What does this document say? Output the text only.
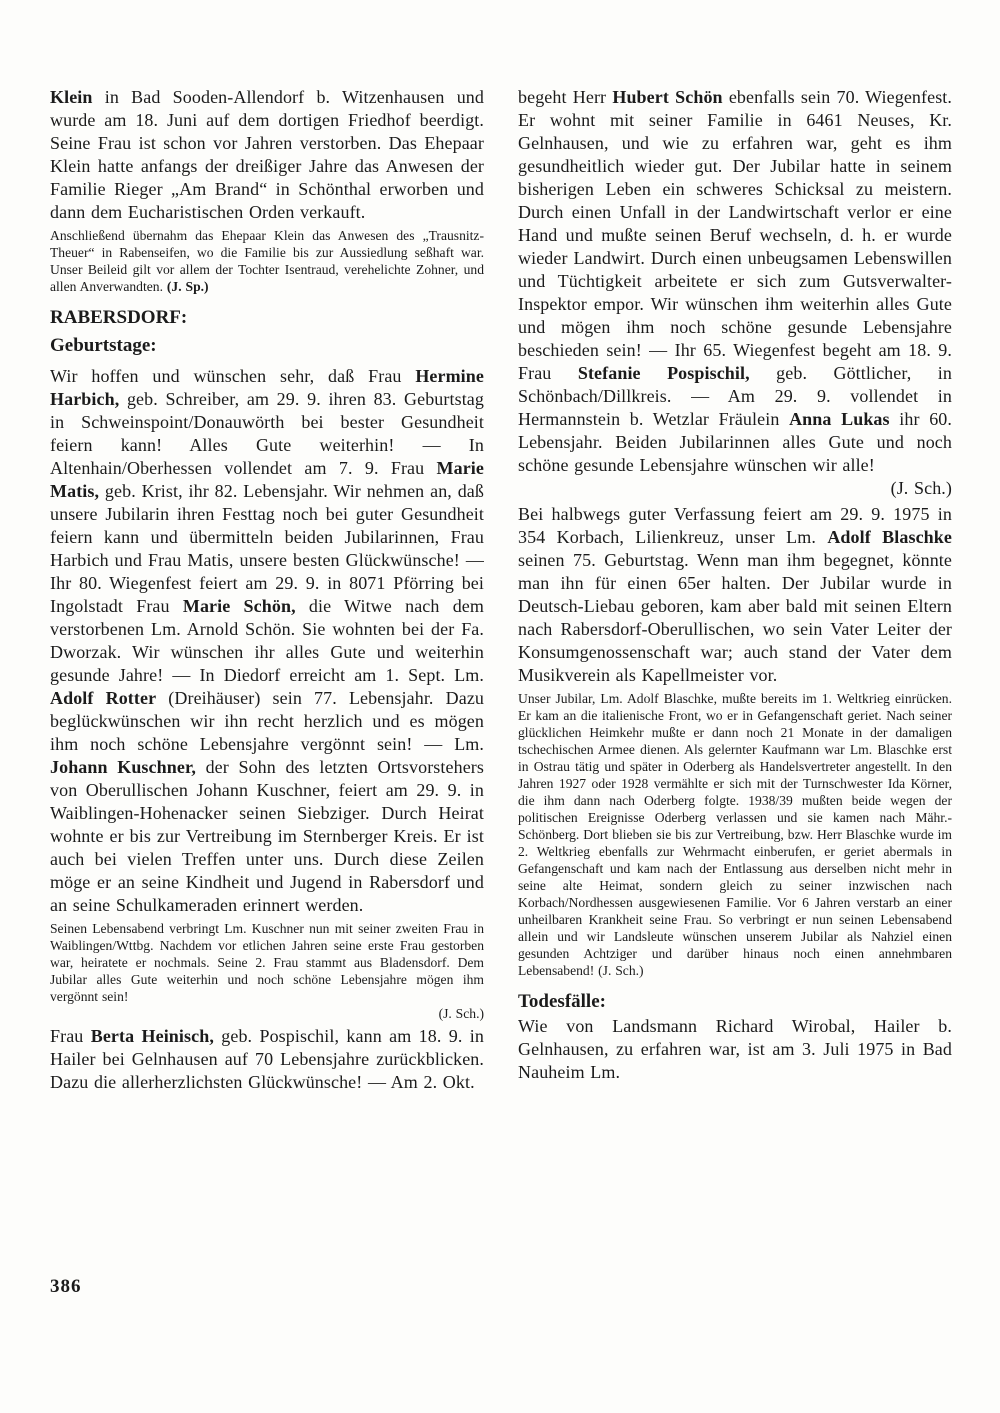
Klein in Bad Sooden-Allendorf b. Witzenhausen und wurde am 18. Juni auf dem dortigen Friedhof beerdigt. Seine Frau ist schon vor Jahren verstorben. Das Ehepaar Klein hatte anfangs der dreißiger Jahre das Anwesen der Familie Rieger „Am Brand“ in Schönthal erworben und dann dem Eucharistischen Orden verkauft.

Anschließend übernahm das Ehepaar Klein das Anwesen des „Trausnitz-Theuer“ in Rabenseifen, wo die Familie bis zur Aussiedlung seßhaft war. Unser Beileid gilt vor allem der Tochter Isentraud, verehelichte Zohner, und allen Anverwandten. (J. Sp.)

RABERSDORF:
Geburtstage:

Wir hoffen und wünschen sehr, daß Frau Hermine Harbich, geb. Schreiber, am 29. 9. ihren 83. Geburtstag in Schweinspoint/Donauwörth bei bester Gesundheit feiern kann! Alles Gute weiterhin! — In Altenhain/Oberhessen vollendet am 7. 9. Frau Marie Matis, geb. Krist, ihr 82. Lebensjahr. Wir nehmen an, daß unsere Jubilarin ihren Festtag noch bei guter Gesundheit feiern kann und übermitteln beiden Jubilarinnen, Frau Harbich und Frau Matis, unsere besten Glückwünsche! — Ihr 80. Wiegenfest feiert am 29. 9. in 8071 Pförring bei Ingolstadt Frau Marie Schön, die Witwe nach dem verstorbenen Lm. Arnold Schön. Sie wohnten bei der Fa. Dworzak. Wir wünschen ihr alles Gute und weiterhin gesunde Jahre! — In Diedorf erreicht am 1. Sept. Lm. Adolf Rotter (Dreihäuser) sein 77. Lebensjahr. Dazu beglückwünschen wir ihn recht herzlich und es mögen ihm noch schöne Lebensjahre vergönnt sein! — Lm. Johann Kuschner, der Sohn des letzten Ortsvorstehers von Oberullischen Johann Kuschner, feiert am 29. 9. in Waiblingen-Hohenacker seinen Siebziger. Durch Heirat wohnte er bis zur Vertreibung im Sternberger Kreis. Er ist auch bei vielen Treffen unter uns. Durch diese Zeilen möge er an seine Kindheit und Jugend in Rabersdorf und an seine Schulkameraden erinnert werden.

Seinen Lebensabend verbringt Lm. Kuschner nun mit seiner zweiten Frau in Waiblingen/Wttbg. Nachdem vor etlichen Jahren seine erste Frau gestorben war, heiratete er nochmals. Seine 2. Frau stammt aus Bladensdorf. Dem Jubilar alles Gute weiterhin und noch schöne Lebensjahre mögen ihm vergönnt sein!
(J. Sch.)

Frau Berta Heinisch, geb. Pospischil, kann am 18. 9. in Hailer bei Gelnhausen auf 70 Lebensjahre zurückblicken. Dazu die allerherzlichsten Glückwünsche! — Am 2. Okt.

begeht Herr Hubert Schön ebenfalls sein 70. Wiegenfest. Er wohnt mit seiner Familie in 6461 Neuses, Kr. Gelnhausen, und wie zu erfahren war, geht es ihm gesundheitlich wieder gut. Der Jubilar hatte in seinem bisherigen Leben ein schweres Schicksal zu meistern. Durch einen Unfall in der Landwirtschaft verlor er eine Hand und mußte seinen Beruf wechseln, d. h. er wurde wieder Landwirt. Durch einen unbeugsamen Lebenswillen und Tüchtigkeit arbeitete er sich zum Gutsverwalter-Inspektor empor. Wir wünschen ihm weiterhin alles Gute und mögen ihm noch schöne gesunde Lebensjahre beschieden sein! — Ihr 65. Wiegenfest begeht am 18. 9. Frau Stefanie Pospischil, geb. Göttlicher, in Schönbach/Dillkreis. — Am 29. 9. vollendet in Hermannstein b. Wetzlar Fräulein Anna Lukas ihr 60. Lebensjahr. Beiden Jubilarinnen alles Gute und noch schöne gesunde Lebensjahre wünschen wir alle!
(J. Sch.)

Bei halbwegs guter Verfassung feiert am 29. 9. 1975 in 354 Korbach, Lilienkreuz, unser Lm. Adolf Blaschke seinen 75. Geburtstag. Wenn man ihm begegnet, könnte man ihn für einen 65er halten. Der Jubilar wurde in Deutsch-Liebau geboren, kam aber bald mit seinen Eltern nach Rabersdorf-Oberullischen, wo sein Vater Leiter der Konsumgenossenschaft war; auch stand der Vater dem Musikverein als Kapellmeister vor.

Unser Jubilar, Lm. Adolf Blaschke, mußte bereits im 1. Weltkrieg einrücken. Er kam an die italienische Front, wo er in Gefangenschaft geriet. Nach seiner glücklichen Heimkehr mußte er dann noch 21 Monate in der damaligen tschechischen Armee dienen. Als gelernter Kaufmann war Lm. Blaschke erst in Ostrau tätig und später in Oderberg als Handelsvertreter angestellt. In den Jahren 1927 oder 1928 vermählte er sich mit der Turnschwester Ida Körner, die ihm dann nach Oderberg folgte. 1938/39 mußten beide wegen der politischen Ereignisse Oderberg verlassen und sie kamen nach Mähr.-Schönberg. Dort blieben sie bis zur Vertreibung, bzw. Herr Blaschke wurde im 2. Weltkrieg ebenfalls zur Wehrmacht einberufen, er geriet abermals in Gefangenschaft und kam nach der Entlassung aus derselben nicht mehr in seine alte Heimat, sondern gleich zu seiner inzwischen nach Korbach/Nordhessen ausgewiesenen Familie. Vor 6 Jahren verstarb an einer unheilbaren Krankheit seine Frau. So verbringt er nun seinen Lebensabend allein und wir Landsleute wünschen unserem Jubilar als Nahziel einen gesunden Achtziger und darüber hinaus noch einen annehmbaren Lebensabend! (J. Sch.)

Todesfälle:

Wie von Landsmann Richard Wirobal, Hailer b. Gelnhausen, zu erfahren war, ist am 3. Juli 1975 in Bad Nauheim Lm.

386
